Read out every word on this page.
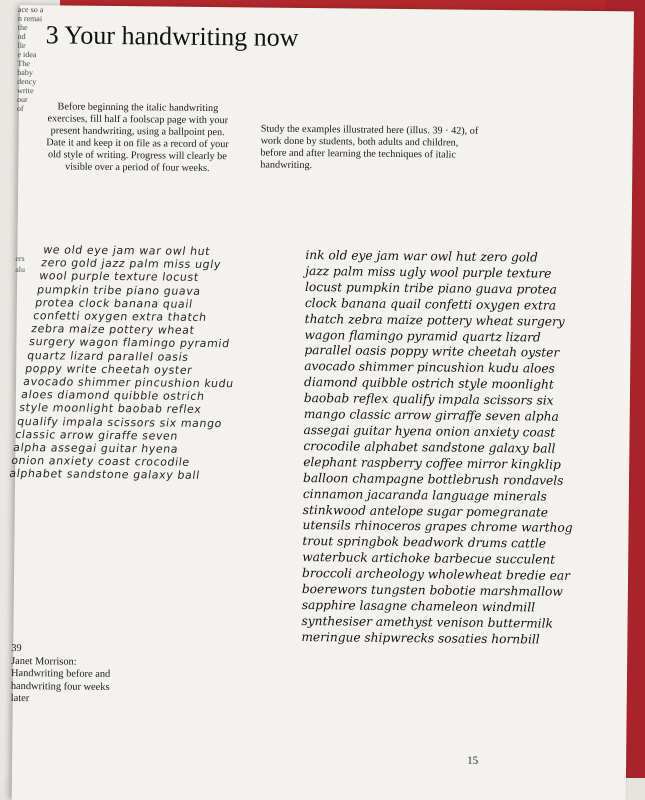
ace so a
n remai
the
nd
lle
e idea
The
baby
dency
write
our
of
ers
alu
3 Your handwriting now
Before beginning the italic handwriting exercises, fill half a foolscap page with your present handwriting, using a ballpoint pen. Date it and keep it on file as a record of your old style of writing. Progress will clearly be visible over a period of four weeks.
Study the examples illustrated here (illus. 39 · 42), of work done by students, both adults and children, before and after learning the techniques of italic handwriting.
we old eye jam war owl hut
zero gold jazz palm miss ugly
wool purple texture locust
pumpkin tribe piano guava
protea clock banana quail
confetti oxygen extra thatch
zebra maize pottery wheat
surgery wagon flamingo pyramid
quartz lizard parallel oasis
poppy write cheetah oyster
avocado shimmer pincushion kudu
aloes diamond quibble ostrich
style moonlight baobab reflex
qualify impala scissors six mango
classic arrow giraffe seven
alpha assegai guitar hyena
onion anxiety coast crocodile
alphabet sandstone galaxy ball
ink old eye jam war owl hut zero gold
jazz palm miss ugly wool purple texture
locust pumpkin tribe piano guava protea
clock banana quail confetti oxygen extra
thatch zebra maize pottery wheat surgery
wagon flamingo pyramid quartz lizard
parallel oasis poppy write cheetah oyster
avocado shimmer pincushion kudu aloes
diamond quibble ostrich style moonlight
baobab reflex qualify impala scissors six
mango classic arrow girraffe seven alpha
assegai guitar hyena onion anxiety coast
crocodile alphabet sandstone galaxy ball
elephant raspberry coffee mirror kingklip
balloon champagne bottlebrush rondavels
cinnamon jacaranda language minerals
stinkwood antelope sugar pomegranate
utensils rhinoceros grapes chrome warthog
trout springbok beadwork drums cattle
waterbuck artichoke barbecue succulent
broccoli archeology wholewheat bredie ear
boerewors tungsten bobotie marshmallow
sapphire lasagne chameleon windmill
synthesiser amethyst venison buttermilk
meringue shipwrecks sosaties hornbill
39
Janet Morrison:
Handwriting before and
handwriting four weeks
later
15
